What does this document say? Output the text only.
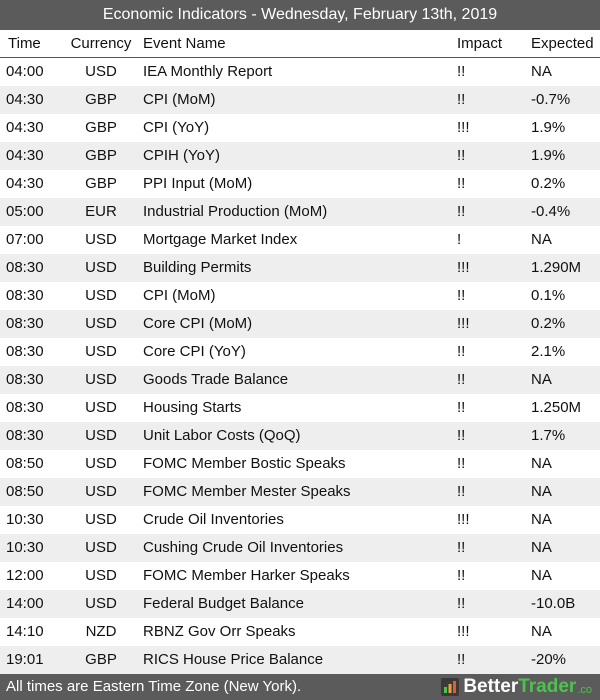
Economic Indicators - Wednesday, February 13th, 2019
Time	Currency	Event Name	Impact	Expected
04:00	USD	IEA Monthly Report	!!	NA
04:30	GBP	CPI (MoM)	!!	-0.7%
04:30	GBP	CPI (YoY)	!!!	1.9%
04:30	GBP	CPIH (YoY)	!!	1.9%
04:30	GBP	PPI Input (MoM)	!!	0.2%
05:00	EUR	Industrial Production (MoM)	!!	-0.4%
07:00	USD	Mortgage Market Index	!	NA
08:30	USD	Building Permits	!!!	1.290M
08:30	USD	CPI (MoM)	!!	0.1%
08:30	USD	Core CPI (MoM)	!!!	0.2%
08:30	USD	Core CPI (YoY)	!!	2.1%
08:30	USD	Goods Trade Balance	!!	NA
08:30	USD	Housing Starts	!!	1.250M
08:30	USD	Unit Labor Costs (QoQ)	!!	1.7%
08:50	USD	FOMC Member Bostic Speaks	!!	NA
08:50	USD	FOMC Member Mester Speaks	!!	NA
10:30	USD	Crude Oil Inventories	!!!	NA
10:30	USD	Cushing Crude Oil Inventories	!!	NA
12:00	USD	FOMC Member Harker Speaks	!!	NA
14:00	USD	Federal Budget Balance	!!	-10.0B
14:10	NZD	RBNZ Gov Orr Speaks	!!!	NA
19:01	GBP	RICS House Price Balance	!!	-20%
All times are Eastern Time Zone (New York).	Better Trader .co
